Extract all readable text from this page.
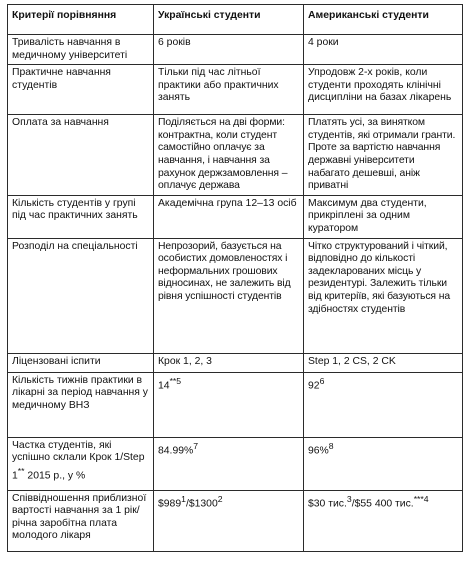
Критерії порівняння	Українські студенти	Американські студенти
Тривалість навчання в медичному університеті	6 років	4 роки
Практичне навчання студентів	Тільки під час літньої практики або практичних занять	Упродовж 2-х років, коли студенти проходять клінічні дисципліни на базах лікарень
Оплата за навчання	Поділяється на дві форми: контрактна, коли студент самостійно оплачує за навчання, і навчання за рахунок держзамовлення – оплачує держава	Платять усі, за винятком студентів, які отримали гранти. Проте за вартістю навчання державні університети набагато дешевші, аніж приватні
Кількість студентів у групі під час практичних занять	Академічна група 12–13 осіб	Максимум два студенти, прикріплені за одним куратором
Розподіл на спеціальності	Непрозорий, базується на особистих домовленостях і неформальних грошових відносинах, не залежить від рівня успішності студентів	Чітко структурований і чіткий, відповідно до кількості задекларованих місць у резидентурі. Залежить тільки від критеріїв, які базуються на здібностях студентів
Ліцензовані іспити	Крок 1, 2, 3	Step 1, 2 CS, 2 CK
Кількість тижнів практики в лікарні за період навчання у медичному ВНЗ	14$^{**5}$	$92^6$
Частка студентів, які успішно склали Крок 1/Step 1** 2015 р., у %	84.99%$^7$	96%$^8$
Співвідношення приблизної вартості навчання за 1 рік/річна заробітна плата молодого лікаря	$\$989^1/\$1300^2$	$30 тис.$^3$/$55 400 тис.$^{***4}$
